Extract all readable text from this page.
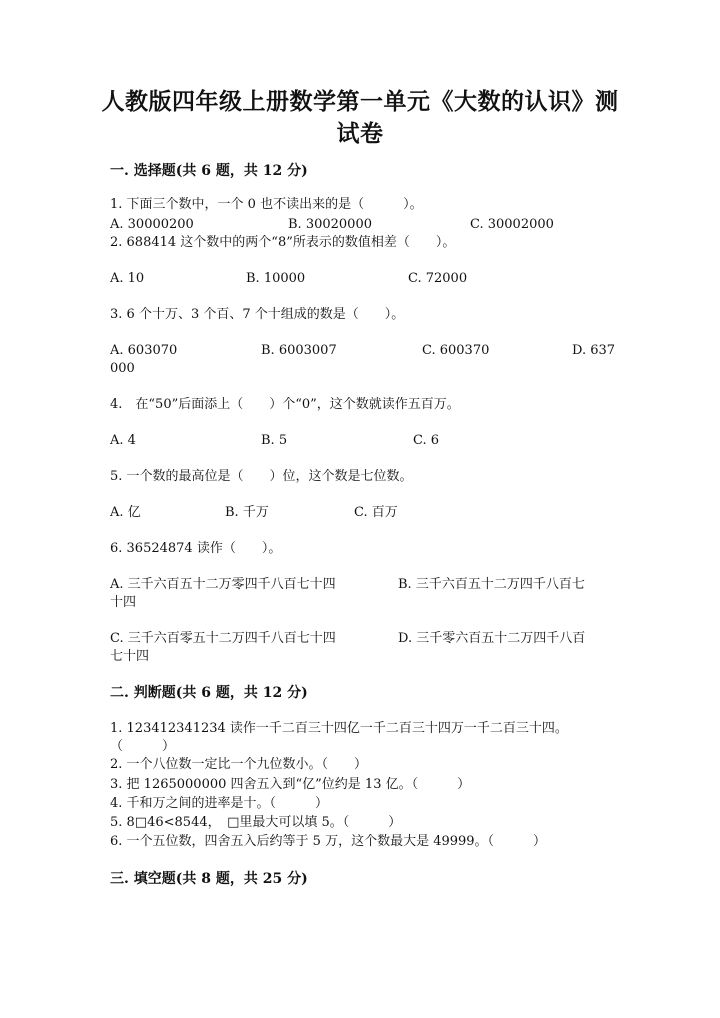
人教版四年级上册数学第一单元《大数的认识》测
试卷
一. 选择题(共 6 题，共 12 分)
1. 下面三个数中，一个 0 也不读出来的是（　　　）。
A. 30000200	B. 30020000	C. 30002000
2. 688414 这个数中的两个“8”所表示的数值相差（　　）。
A. 10	B. 10000	C. 72000
3. 6 个十万、3 个百、7 个十组成的数是（　　）。
A. 603070	B. 6003007	C. 600370	D. 637
000
4.　在“50”后面添上（　　）个“0”，这个数就读作五百万。
A. 4	B. 5	C. 6
5. 一个数的最高位是（　　）位，这个数是七位数。
A. 亿	B. 千万	C. 百万
6. 36524874 读作（　　）。
A. 三千六百五十二万零四千八百七十四	B. 三千六百五十二万四千八百七
十四
C. 三千六百零五十二万四千八百七十四	D. 三千零六百五十二万四千八百
七十四
二. 判断题(共 6 题，共 12 分)
1. 123412341234 读作一千二百三十四亿一千二百三十四万一千二百三十四。
（　　　）
2. 一个八位数一定比一个九位数小。（　　）
3. 把 1265000000 四舍五入到“亿”位约是 13 亿。（　　　）
4. 千和万之间的进率是十。（　　　）
5. 8□46<8544，　□里最大可以填 5。（　　　）
6. 一个五位数，四舍五入后约等于 5 万，这个数最大是 49999。（　　　）
三. 填空题(共 8 题，共 25 分)
